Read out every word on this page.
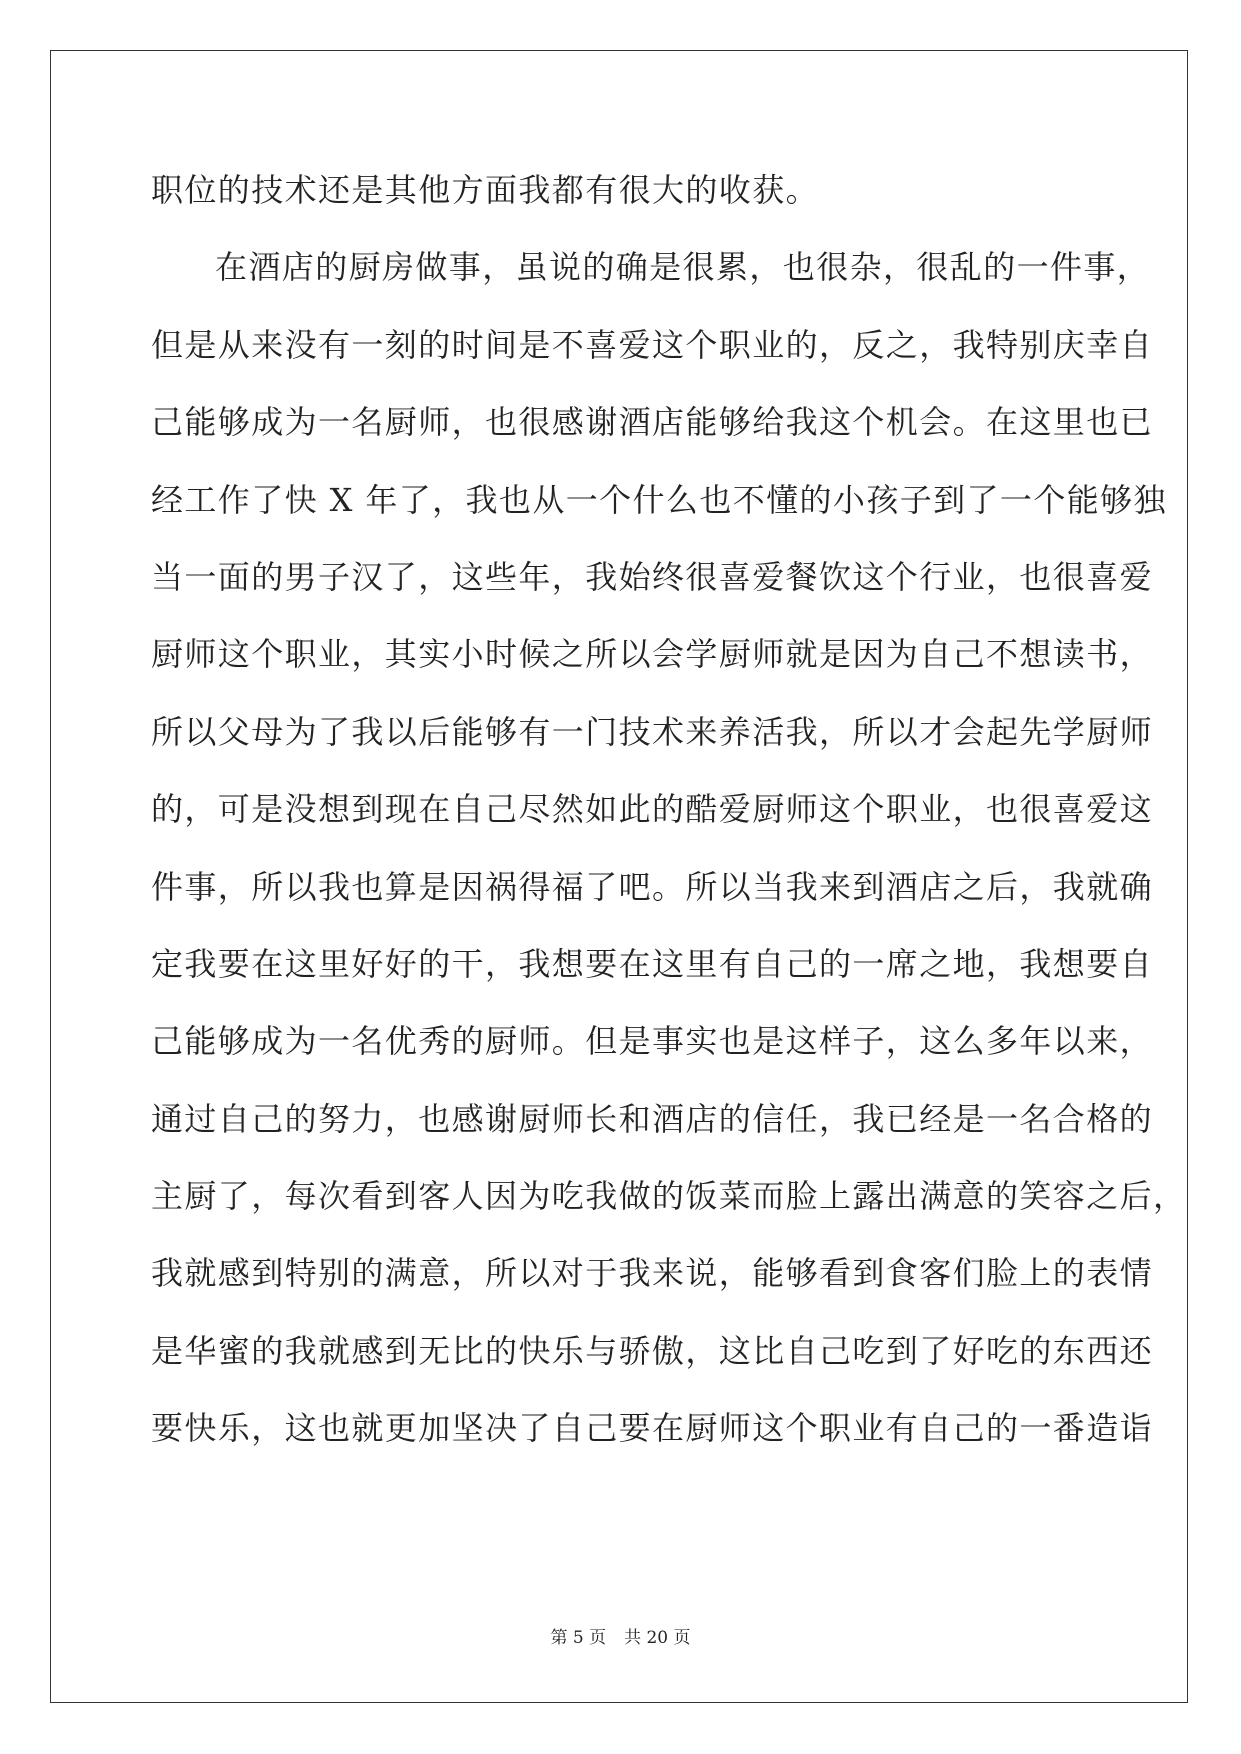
职位的技术还是其他方面我都有很大的收获。
在酒店的厨房做事，虽说的确是很累，也很杂，很乱的一件事，
但是从来没有一刻的时间是不喜爱这个职业的，反之，我特别庆幸自
己能够成为一名厨师，也很感谢酒店能够给我这个机会。在这里也已
经工作了快 X 年了，我也从一个什么也不懂的小孩子到了一个能够独
当一面的男子汉了，这些年，我始终很喜爱餐饮这个行业，也很喜爱
厨师这个职业，其实小时候之所以会学厨师就是因为自己不想读书，
所以父母为了我以后能够有一门技术来养活我，所以才会起先学厨师
的，可是没想到现在自己尽然如此的酷爱厨师这个职业，也很喜爱这
件事，所以我也算是因祸得福了吧。所以当我来到酒店之后，我就确
定我要在这里好好的干，我想要在这里有自己的一席之地，我想要自
己能够成为一名优秀的厨师。但是事实也是这样子，这么多年以来，
通过自己的努力，也感谢厨师长和酒店的信任，我已经是一名合格的
主厨了，每次看到客人因为吃我做的饭菜而脸上露出满意的笑容之后，
我就感到特别的满意，所以对于我来说，能够看到食客们脸上的表情
是华蜜的我就感到无比的快乐与骄傲，这比自己吃到了好吃的东西还
要快乐，这也就更加坚决了自己要在厨师这个职业有自己的一番造诣
第 5 页 共 20 页
